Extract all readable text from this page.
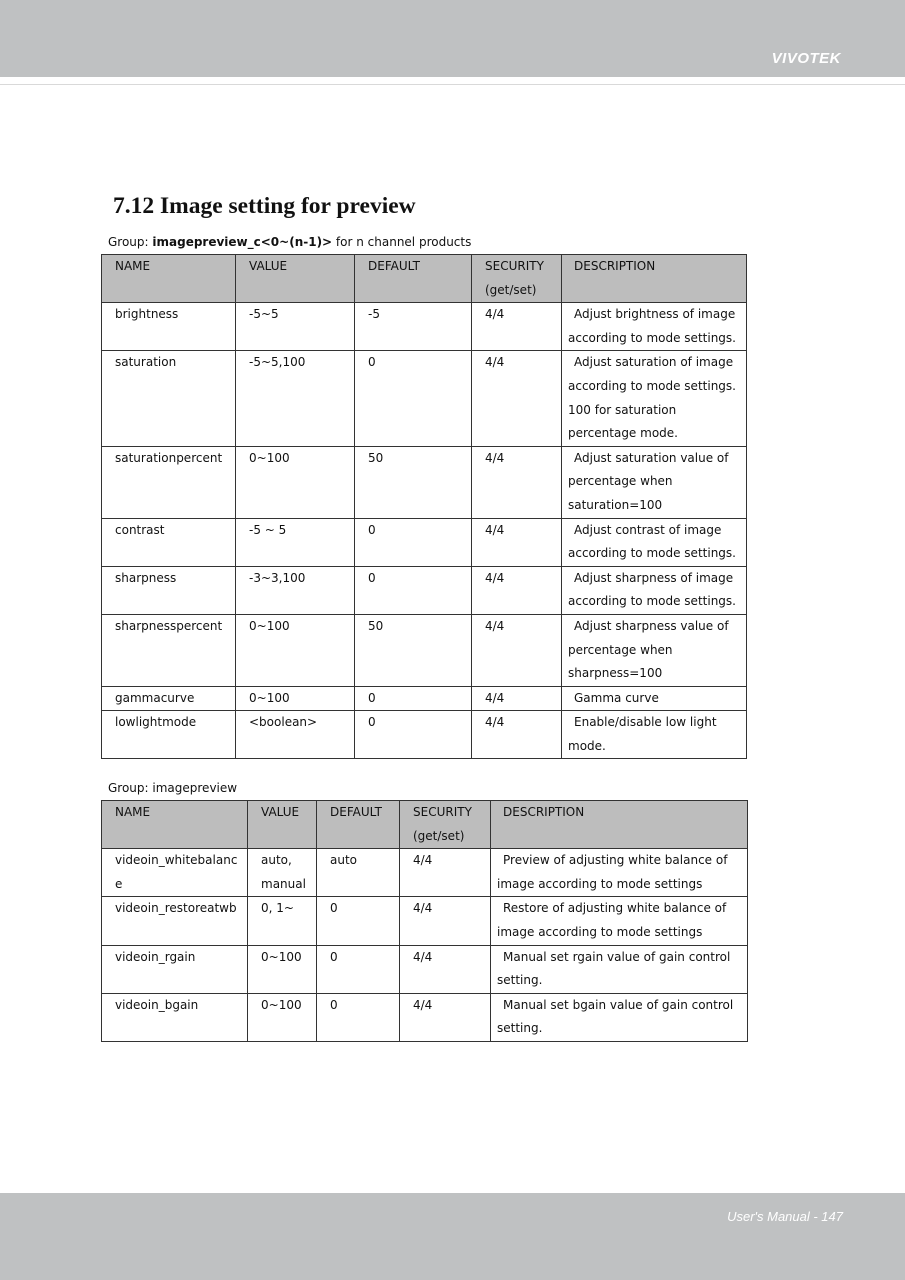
VIVOTEK
7.12 Image setting for preview
Group: imagepreview_c<0~(n-1)> for n channel products
NAME	VALUE	DEFAULT	SECURITY (get/set)	DESCRIPTION

brightness	-5~5	-5	4/4	Adjust brightness of image according to mode settings.

saturation	-5~5,100	0	4/4	Adjust saturation of image according to mode settings. 100 for saturation percentage mode.

saturationpercent	0~100	50	4/4	Adjust saturation value of percentage when saturation=100

contrast	-5 ~ 5	0	4/4	Adjust contrast of image according to mode settings.

sharpness	-3~3,100	0	4/4	Adjust sharpness of image according to mode settings.

sharpnesspercent	0~100	50	4/4	Adjust sharpness value of percentage when sharpness=100

gammacurve	0~100	0	4/4	Gamma curve

lowlightmode	<boolean>	0	4/4	Enable/disable low light mode.
Group: imagepreview
NAME	VALUE	DEFAULT	SECURITY (get/set)	DESCRIPTION

videoin_whitebalance	auto, manual	auto	4/4	Preview of adjusting white balance of image according to mode settings

videoin_restoreatwb	0, 1~	0	4/4	Restore of adjusting white balance of image according to mode settings

videoin_rgain	0~100	0	4/4	Manual set rgain value of gain control setting.

videoin_bgain	0~100	0	4/4	Manual set bgain value of gain control setting.
User's Manual - 147
